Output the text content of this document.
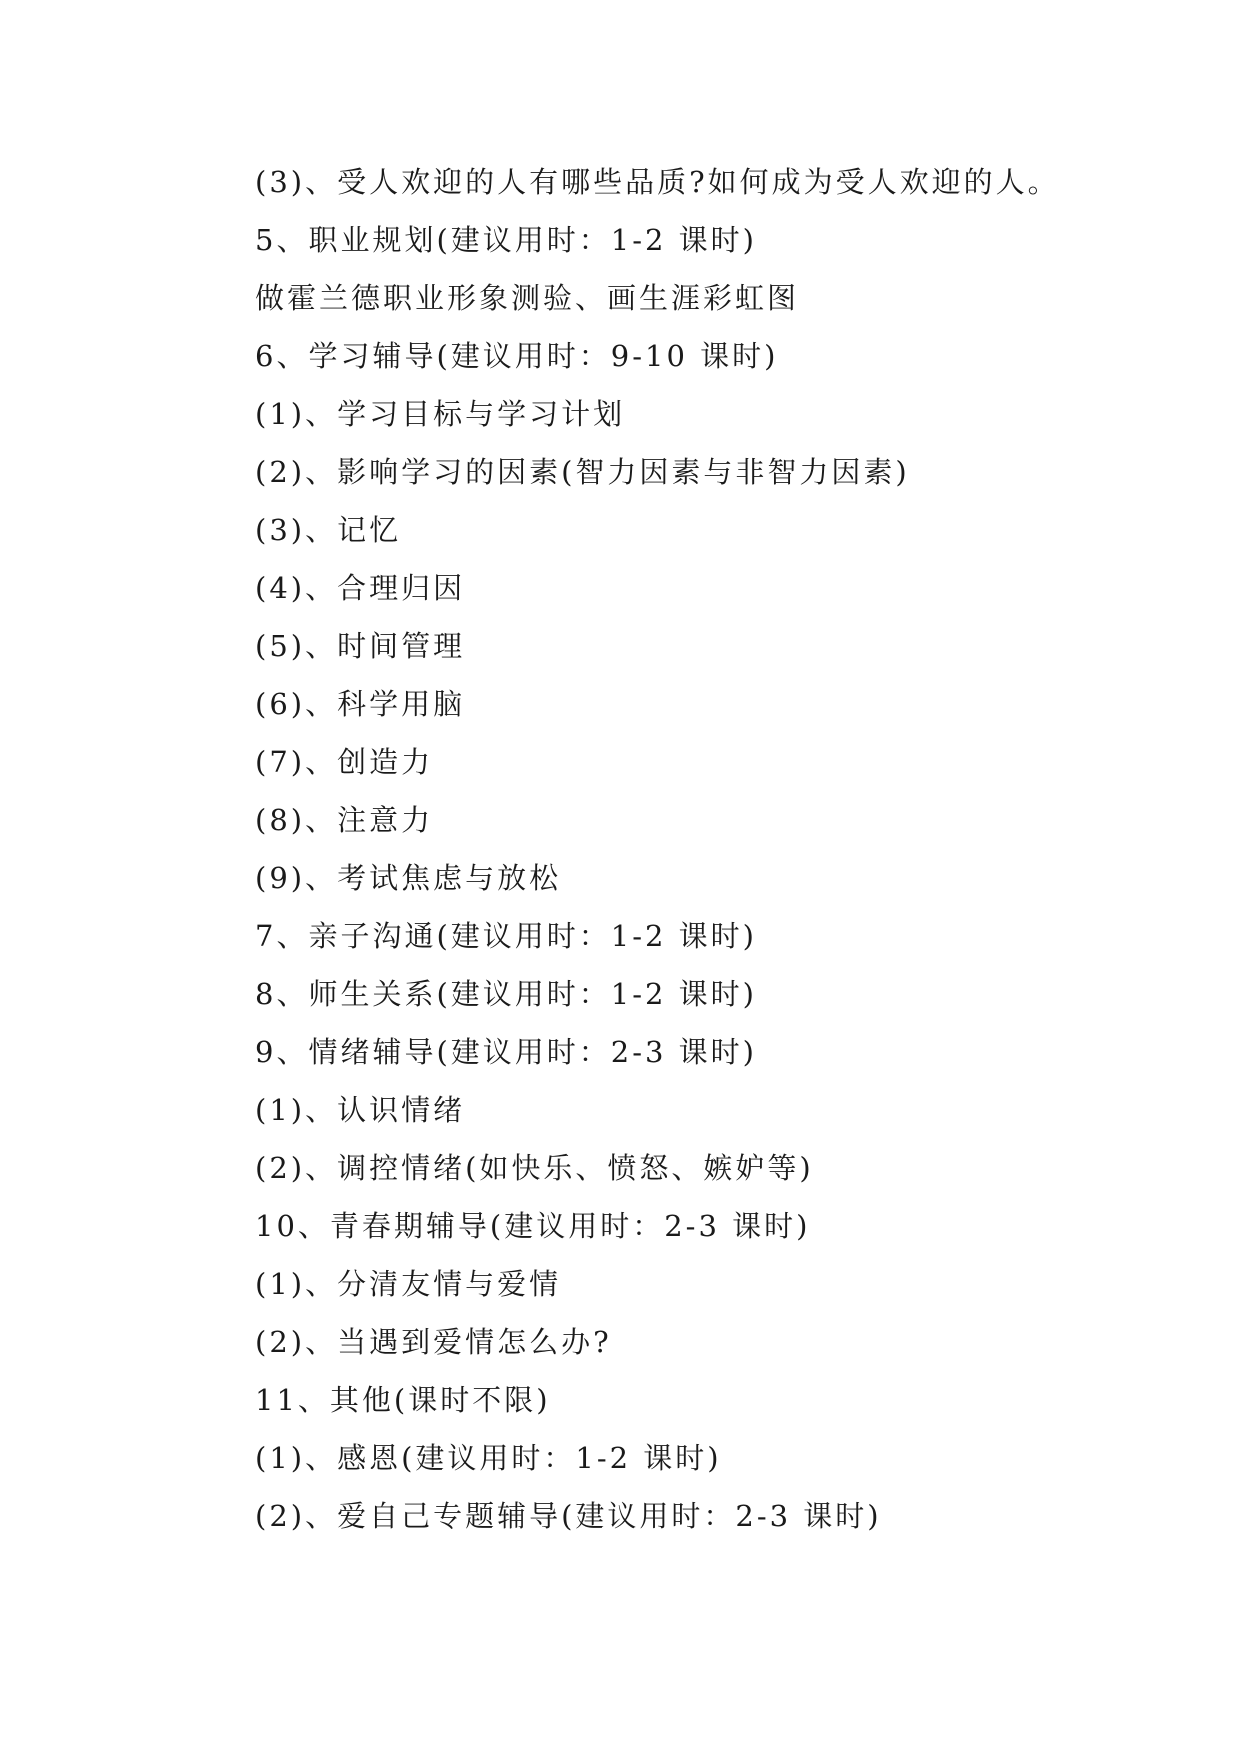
(3)、受人欢迎的人有哪些品质?如何成为受人欢迎的人。
5、职业规划(建议用时：1-2 课时)
做霍兰德职业形象测验、画生涯彩虹图
6、学习辅导(建议用时：9-10 课时)
(1)、学习目标与学习计划
(2)、影响学习的因素(智力因素与非智力因素)
(3)、记忆
(4)、合理归因
(5)、时间管理
(6)、科学用脑
(7)、创造力
(8)、注意力
(9)、考试焦虑与放松
7、亲子沟通(建议用时：1-2 课时)
8、师生关系(建议用时：1-2 课时)
9、情绪辅导(建议用时：2-3 课时)
(1)、认识情绪
(2)、调控情绪(如快乐、愤怒、嫉妒等)
10、青春期辅导(建议用时：2-3 课时)
(1)、分清友情与爱情
(2)、当遇到爱情怎么办?
11、其他(课时不限)
(1)、感恩(建议用时：1-2 课时)
(2)、爱自己专题辅导(建议用时：2-3 课时)
